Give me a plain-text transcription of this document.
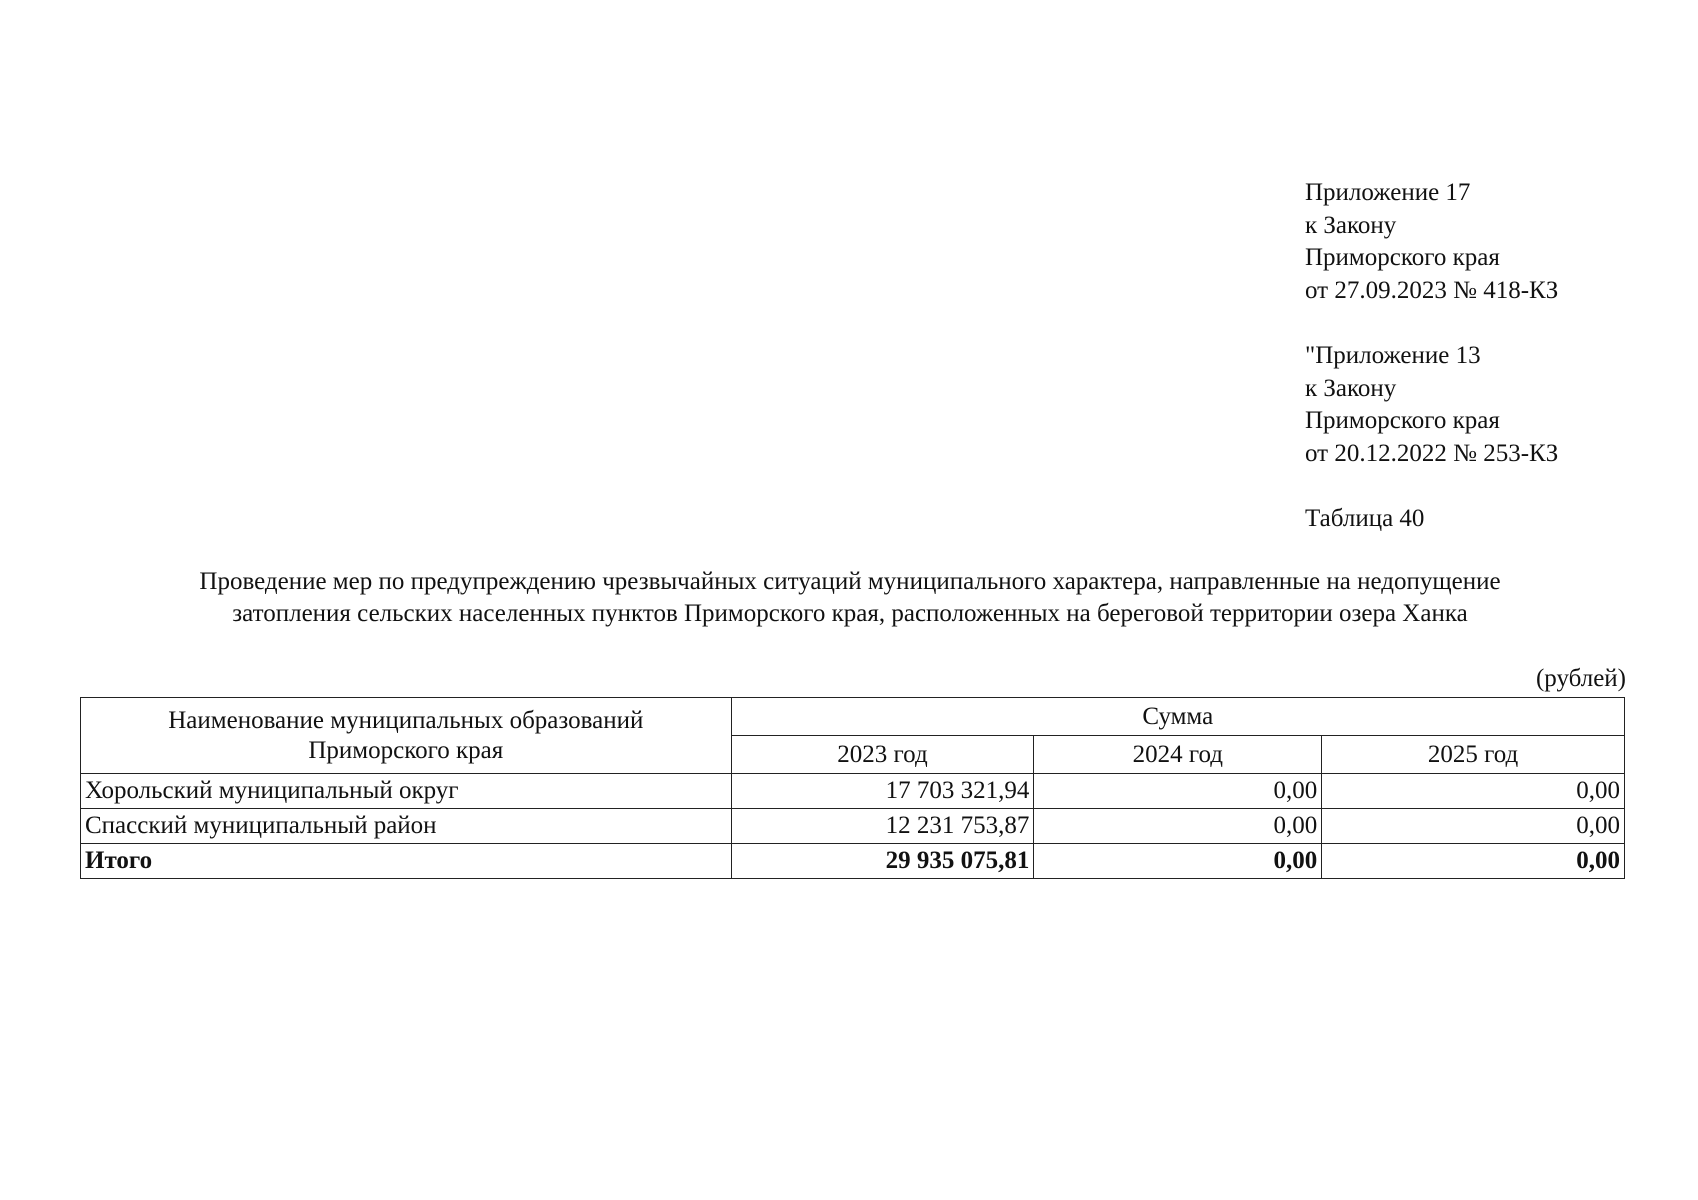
Приложение 17
к Закону
Приморского края
от 27.09.2023 № 418-КЗ
"Приложение 13
к Закону
Приморского края
от 20.12.2022 № 253-КЗ
Таблица 40
Проведение мер по предупреждению чрезвычайных ситуаций муниципального характера, направленные на недопущение
затопления сельских населенных пунктов Приморского края, расположенных на береговой территории озера Ханка
(рублей)
Наименование муниципальных образований
Приморского края	Сумма		
	2023 год	2024 год	2025 год
Хорольский муниципальный округ	17 703 321,94	0,00	0,00
Спасский муниципальный район	12 231 753,87	0,00	0,00
Итого	29 935 075,81	0,00	0,00
